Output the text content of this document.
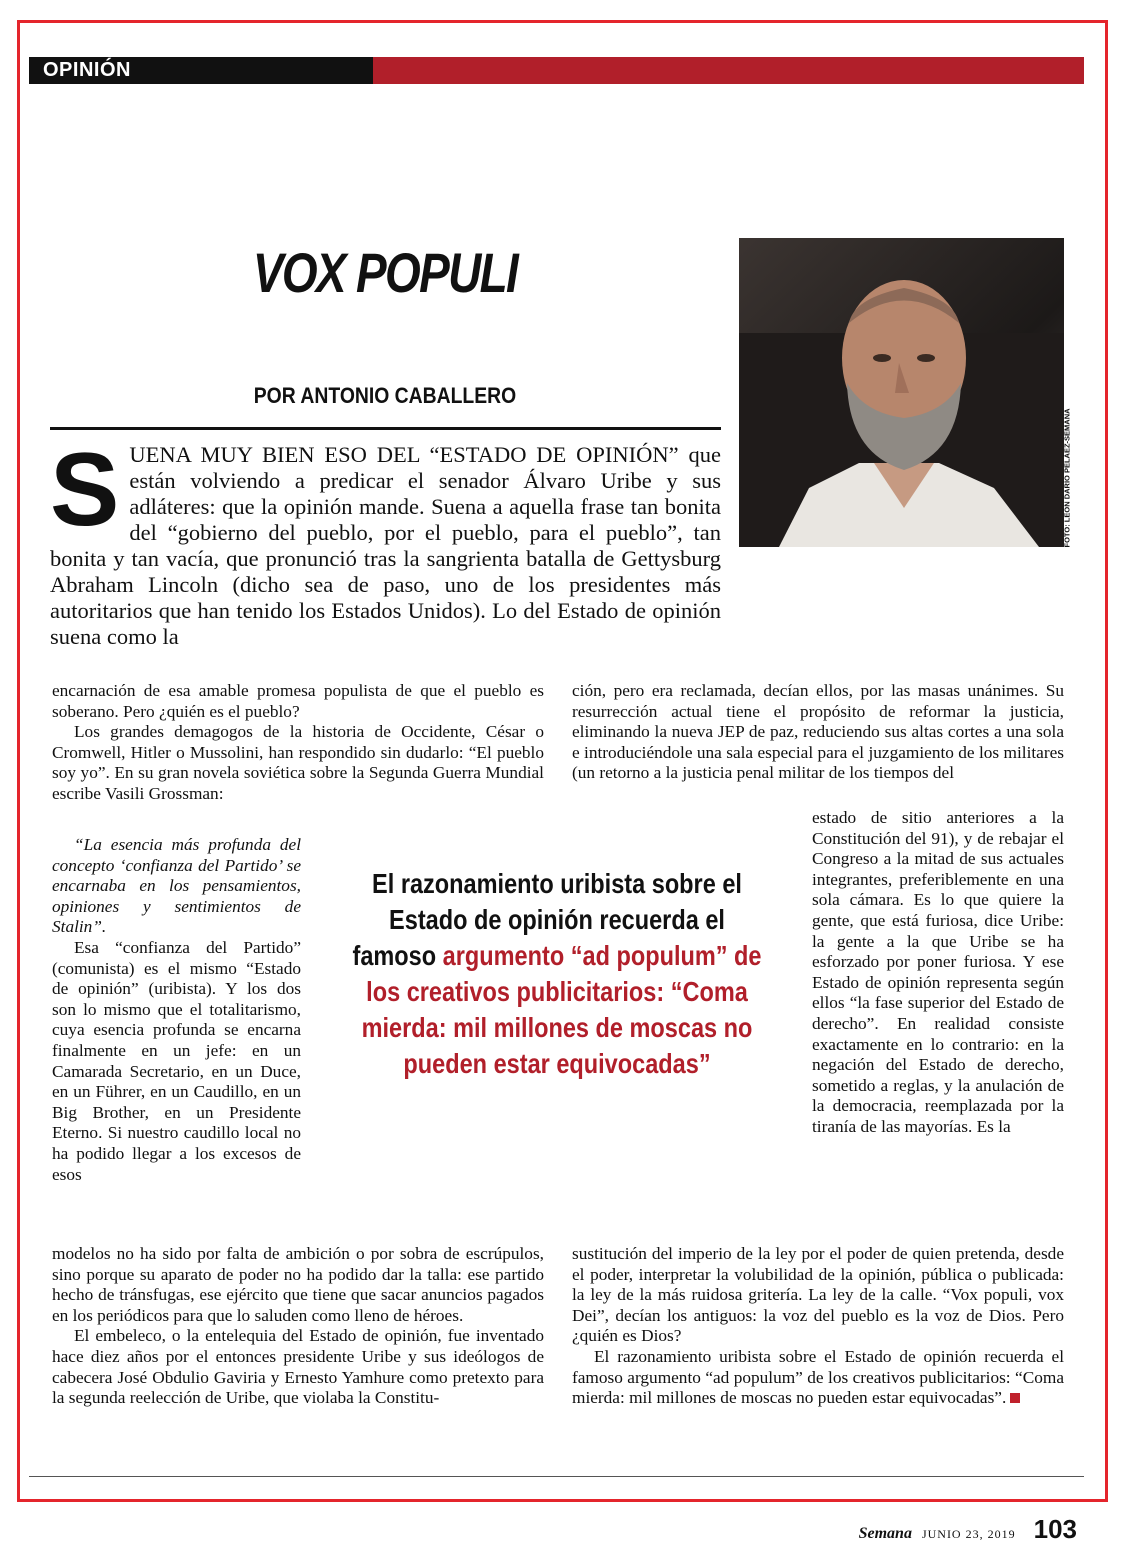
OPINIÓN
VOX POPULI
POR ANTONIO CABALLERO
FOTO: LEÓN DARÍO PELÁEZ-SEMANA

S UENA MUY BIEN ESO DEL “ESTADO DE OPINIÓN” que están volviendo a predicar el senador Álvaro Uribe y sus adláteres: que la opinión mande. Suena a aquella frase tan bonita del “gobierno del pueblo, por el pueblo, para el pueblo”, tan bonita y tan vacía, que pronunció tras la sangrienta batalla de Gettysburg Abraham Lincoln (dicho sea de paso, uno de los presidentes más autoritarios que han tenido los Estados Unidos). Lo del Estado de opinión suena como la

encarnación de esa amable promesa populista de que el pueblo es soberano. Pero ¿quién es el pueblo?

Los grandes demagogos de la historia de Occidente, César o Cromwell, Hitler o Mussolini, han respondido sin dudarlo: “El pueblo soy yo”. En su gran novela soviética sobre la Segunda Guerra Mundial escribe Vasili Grossman:

“La esencia más profunda del concepto ‘confianza del Partido’ se encarnaba en los pensamientos, opiniones y sentimientos de Stalin”.

Esa “confianza del Partido” (comunista) es el mismo “Estado de opinión” (uribista). Y los dos son lo mismo que el totalitarismo, cuya esencia profunda se encarna finalmente en un jefe: en un Camarada Secretario, en un Duce, en un Führer, en un Caudillo, en un Big Brother, en un Presidente Eterno. Si nuestro caudillo local no ha podido llegar a los excesos de esos

modelos no ha sido por falta de ambición o por sobra de escrúpulos, sino porque su aparato de poder no ha podido dar la talla: ese partido hecho de tránsfugas, ese ejército que tiene que sacar anuncios pagados en los periódicos para que lo saluden como lleno de héroes.

El embeleco, o la entelequia del Estado de opinión, fue inventado hace diez años por el entonces presidente Uribe y sus ideólogos de cabecera José Obdulio Gaviria y Ernesto Yamhure como pretexto para la segunda reelección de Uribe, que violaba la Constitu-

ción, pero era reclamada, decían ellos, por las masas unánimes. Su resurrección actual tiene el propósito de reformar la justicia, eliminando la nueva JEP de paz, reduciendo sus altas cortes a una sola e introduciéndole una sala especial para el juzgamiento de los militares (un retorno a la justicia penal militar de los tiempos del

estado de sitio anteriores a la Constitución del 91), y de rebajar el Congreso a la mitad de sus actuales integrantes, preferiblemente en una sola cámara. Es lo que quiere la gente, que está furiosa, dice Uribe: la gente a la que Uribe se ha esforzado por poner furiosa. Y ese Estado de opinión representa según ellos “la fase superior del Estado de derecho”. En realidad consiste exactamente en lo contrario: en la negación del Estado de derecho, sometido a reglas, y la anulación de la democracia, reemplazada por la tiranía de las mayorías. Es la

sustitución del imperio de la ley por el poder de quien pretenda, desde el poder, interpretar la volubilidad de la opinión, pública o publicada: la ley de la más ruidosa gritería. La ley de la calle. “Vox populi, vox Dei”, decían los antiguos: la voz del pueblo es la voz de Dios. Pero ¿quién es Dios?

El razonamiento uribista sobre el Estado de opinión recuerda el famoso argumento “ad populum” de los creativos publicitarios: “Coma mierda: mil millones de moscas no pueden estar equivocadas”.

El razonamiento uribista sobre el Estado de opinión recuerda el famoso argumento “ad populum” de los creativos publicitarios: “Coma mierda: mil millones de moscas no pueden estar equivocadas”
Semana JUNIO 23, 2019 103
